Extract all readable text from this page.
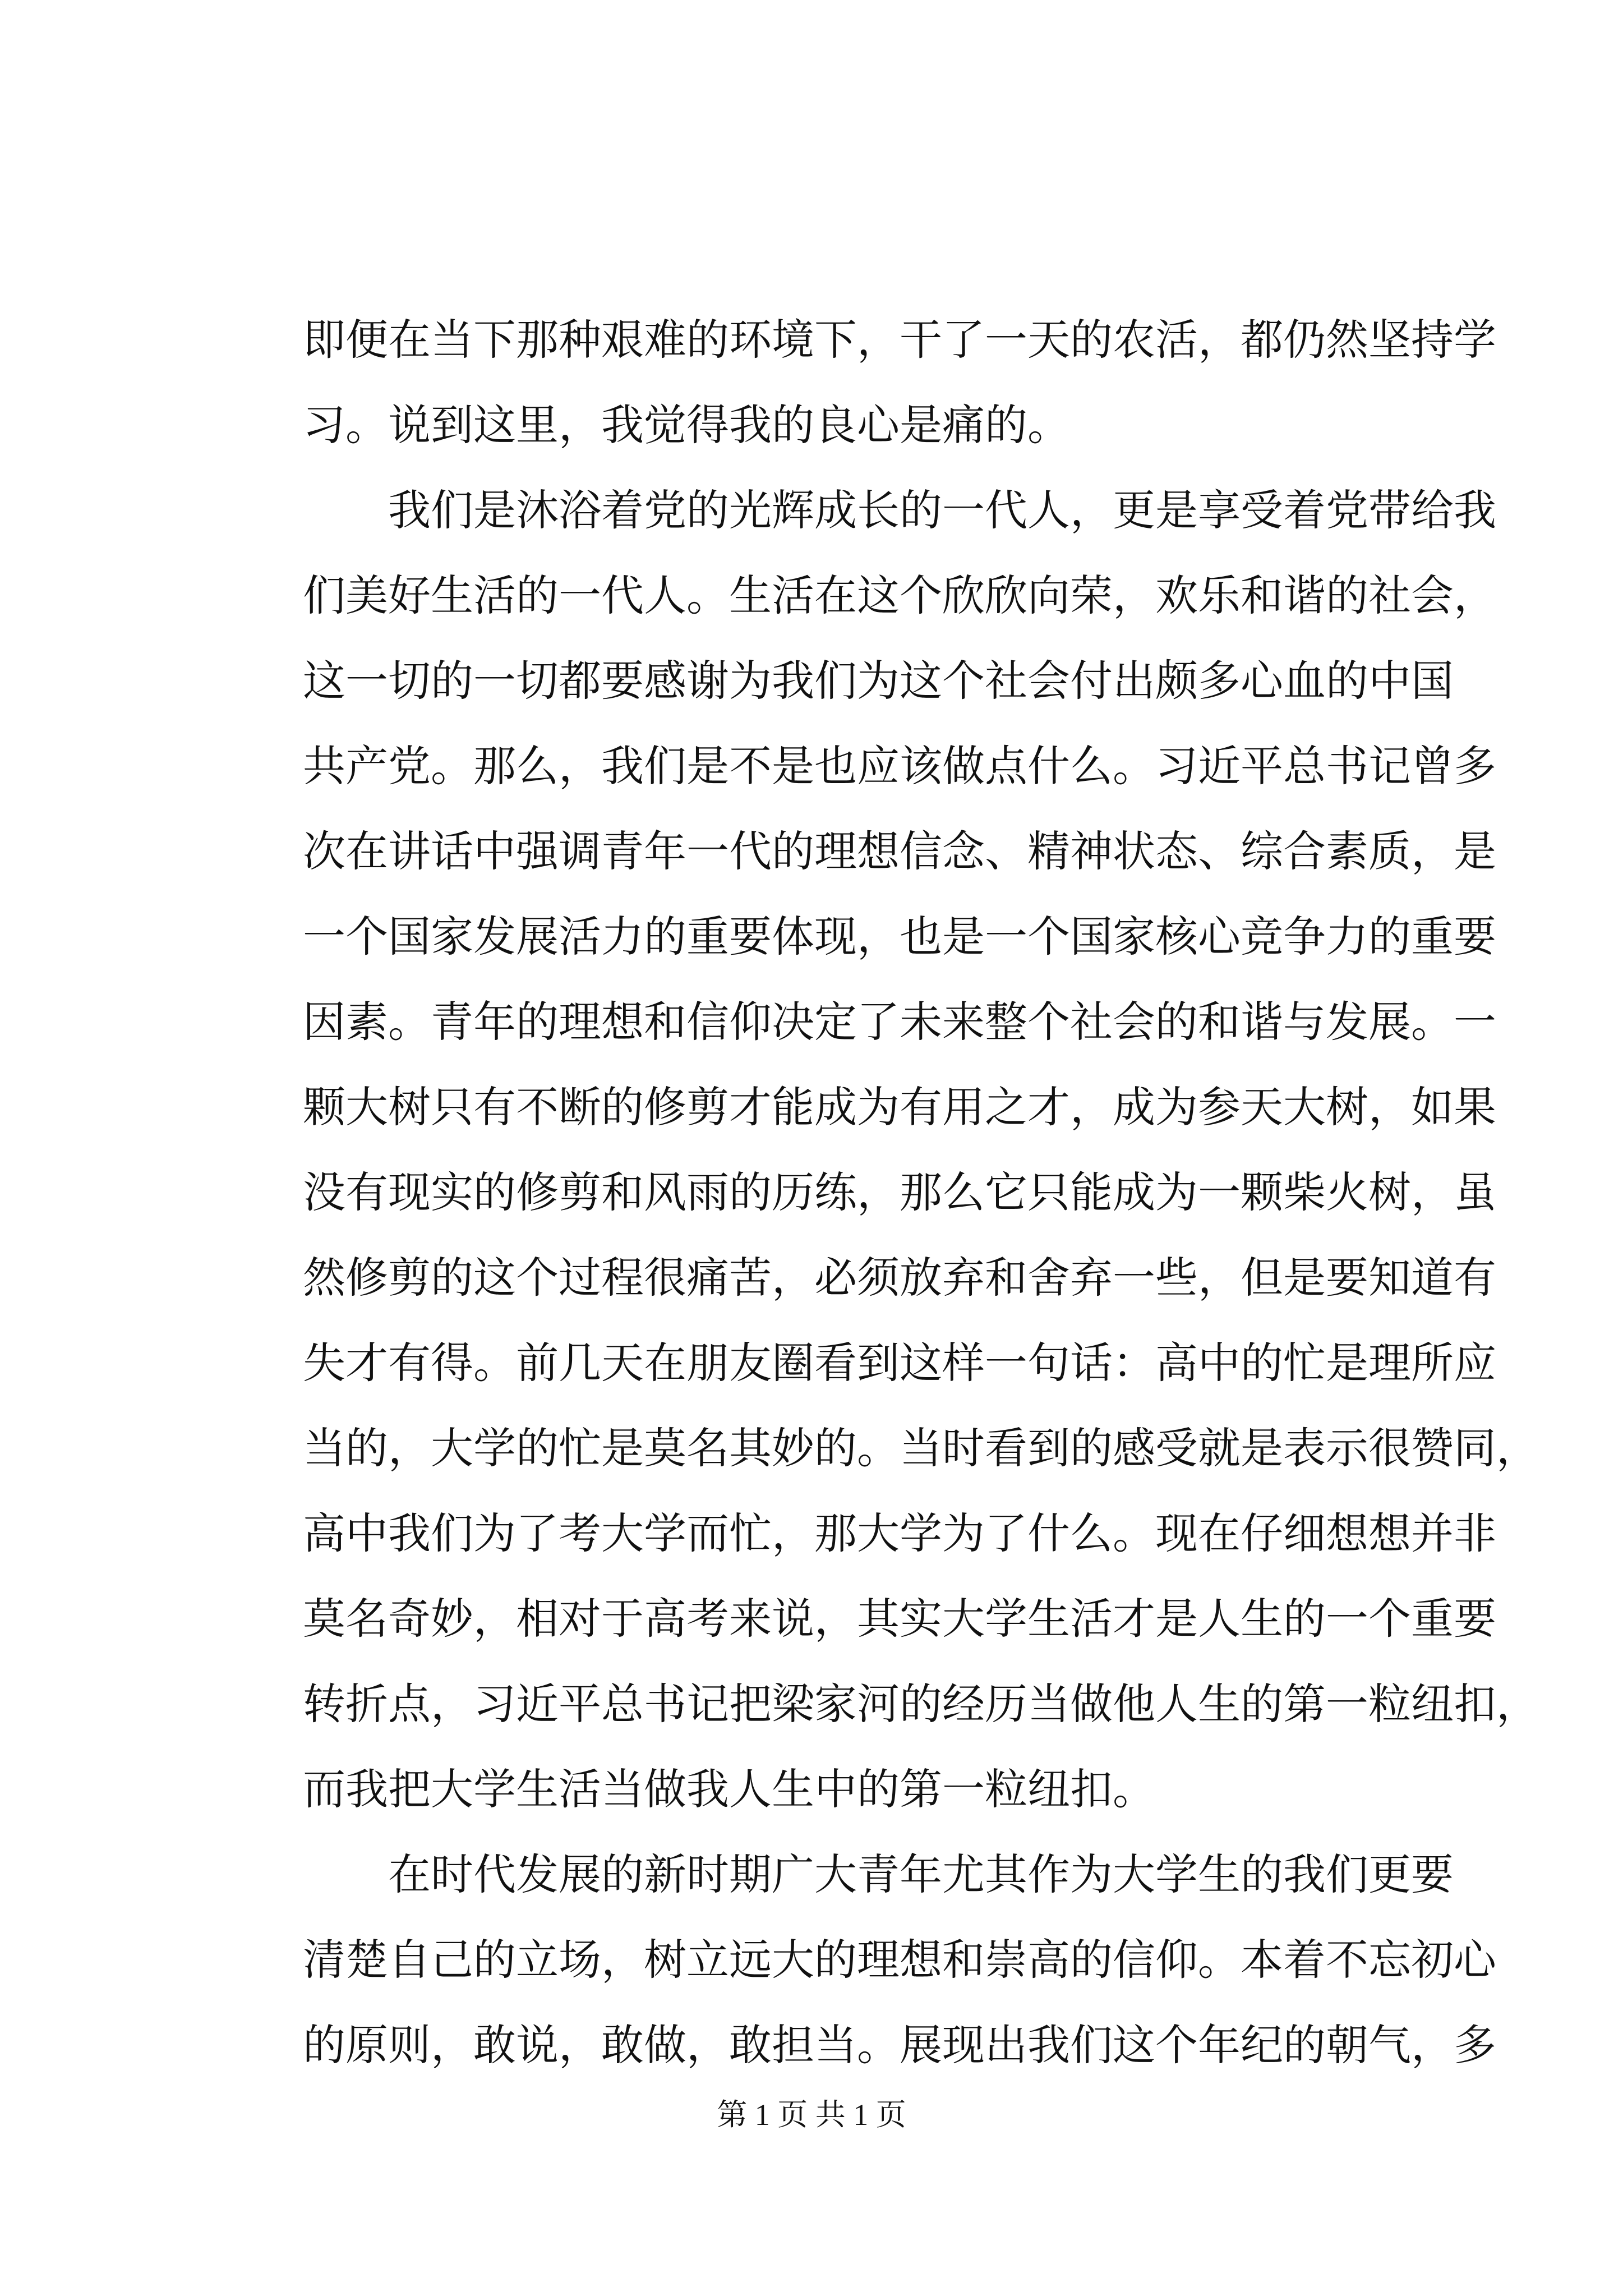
即便在当下那种艰难的环境下，干了一天的农活，都仍然坚持学
习。说到这里，我觉得我的良心是痛的。
我们是沐浴着党的光辉成长的一代人，更是享受着党带给我
们美好生活的一代人。生活在这个欣欣向荣，欢乐和谐的社会，
这一切的一切都要感谢为我们为这个社会付出颇多心血的中国
共产党。那么，我们是不是也应该做点什么。习近平总书记曾多
次在讲话中强调青年一代的理想信念、精神状态、综合素质，是
一个国家发展活力的重要体现，也是一个国家核心竞争力的重要
因素。青年的理想和信仰决定了未来整个社会的和谐与发展。一
颗大树只有不断的修剪才能成为有用之才，成为参天大树，如果
没有现实的修剪和风雨的历练，那么它只能成为一颗柴火树，虽
然修剪的这个过程很痛苦，必须放弃和舍弃一些，但是要知道有
失才有得。前几天在朋友圈看到这样一句话：高中的忙是理所应
当的，大学的忙是莫名其妙的。当时看到的感受就是表示很赞同，
高中我们为了考大学而忙，那大学为了什么。现在仔细想想并非
莫名奇妙，相对于高考来说，其实大学生活才是人生的一个重要
转折点，习近平总书记把梁家河的经历当做他人生的第一粒纽扣，
而我把大学生活当做我人生中的第一粒纽扣。
在时代发展的新时期广大青年尤其作为大学生的我们更要
清楚自己的立场，树立远大的理想和崇高的信仰。本着不忘初心
的原则，敢说，敢做，敢担当。展现出我们这个年纪的朝气，多
第 1 页 共 1 页
